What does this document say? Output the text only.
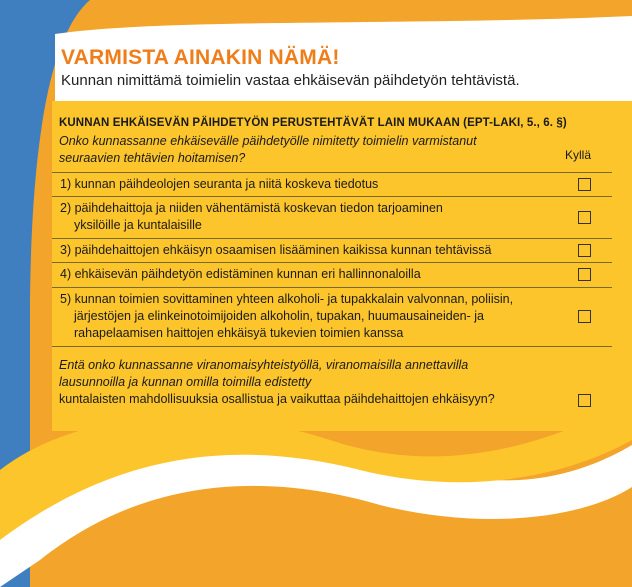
VARMISTA AINAKIN NÄMÄ!

Kunnan nimittämä toimielin vastaa ehkäisevän päihdetyön tehtävistä.

KUNNAN EHKÄISEVÄN PÄIHDETYÖN PERUSTEHTÄVÄT LAIN MUKAAN (EPT-LAKI, 5., 6. §)

Onko kunnassanne ehkäisevälle päihdetyölle nimitetty toimielin varmistanut seuraavien tehtävien hoitamisen?	Kyllä

1) kunnan päihdeolojen seuranta ja niitä koskeva tiedotus

2) päihdehaittoja ja niiden vähentämistä koskevan tiedon tarjoaminen
yksilöille ja kuntalaisille

3) päihdehaittojen ehkäisyn osaamisen lisääminen kaikissa kunnan tehtävissä

4) ehkäisevän päihdetyön edistäminen kunnan eri hallinnonaloilla

5) kunnan toimien sovittaminen yhteen alkoholi- ja tupakkalain valvonnan, poliisin,
järjestöjen ja elinkeinotoimijoiden alkoholin, tupakan, huumausaineiden- ja
rahapelaamisen haittojen ehkäisyä tukevien toimien kanssa

Entä onko kunnassanne viranomaisyhteistyöllä, viranomaisilla annettavilla
lausunnoilla ja kunnan omilla toimilla edistetty
kuntalaisten mahdollisuuksia osallistua ja vaikuttaa päihdehaittojen ehkäisyyn?
